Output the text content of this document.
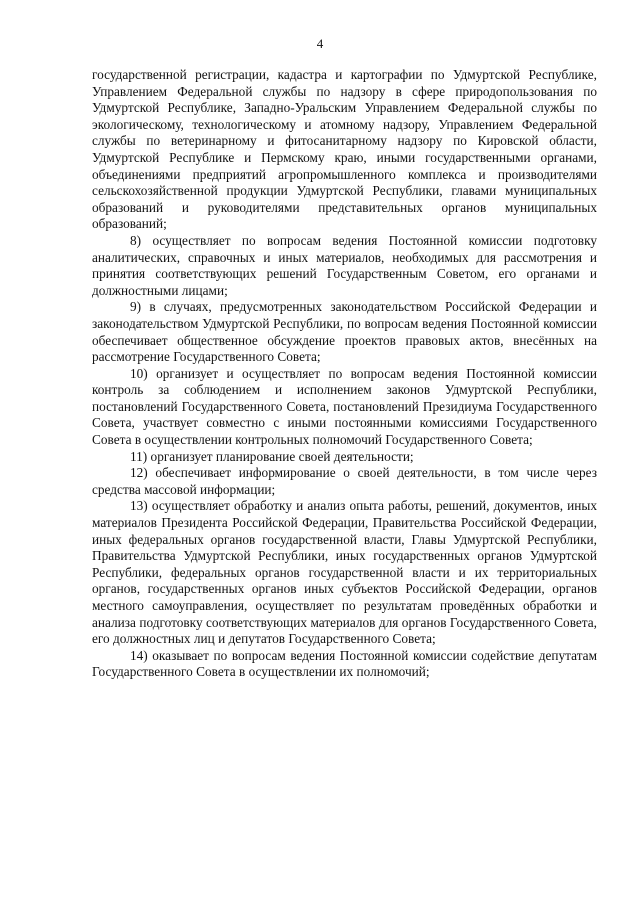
4

государственной регистрации, кадастра и картографии по Удмуртской Республике, Управлением Федеральной службы по надзору в сфере природопользования по Удмуртской Республике, Западно-Уральским Управлением Федеральной службы по экологическому, технологическому и атомному надзору, Управлением Федеральной службы по ветеринарному и фитосанитарному надзору по Кировской области, Удмуртской Республике и Пермскому краю, иными государственными органами, объединениями предприятий агропромышленного комплекса и производителями сельскохозяйственной продукции Удмуртской Республики, главами муниципальных образований и руководителями представительных органов муниципальных образований;

8) осуществляет по вопросам ведения Постоянной комиссии подготовку аналитических, справочных и иных материалов, необходимых для рассмотрения и принятия соответствующих решений Государственным Советом, его органами и должностными лицами;

9) в случаях, предусмотренных законодательством Российской Федерации и законодательством Удмуртской Республики, по вопросам ведения Постоянной комиссии обеспечивает общественное обсуждение проектов правовых актов, внесённых на рассмотрение Государственного Совета;

10) организует и осуществляет по вопросам ведения Постоянной комиссии контроль за соблюдением и исполнением законов Удмуртской Республики, постановлений Государственного Совета, постановлений Президиума Государственного Совета, участвует совместно с иными постоянными комиссиями Государственного Совета в осуществлении контрольных полномочий Государственного Совета;

11) организует планирование своей деятельности;

12) обеспечивает информирование о своей деятельности, в том числе через средства массовой информации;

13) осуществляет обработку и анализ опыта работы, решений, документов, иных материалов Президента Российской Федерации, Правительства Российской Федерации, иных федеральных органов государственной власти, Главы Удмуртской Республики, Правительства Удмуртской Республики, иных государственных органов Удмуртской Республики, федеральных органов государственной власти и их территориальных органов, государственных органов иных субъектов Российской Федерации, органов местного самоуправления, осуществляет по результатам проведённых обработки и анализа подготовку соответствующих материалов для органов Государственного Совета, его должностных лиц и депутатов Государственного Совета;

14) оказывает по вопросам ведения Постоянной комиссии содействие депутатам Государственного Совета в осуществлении их полномочий;
